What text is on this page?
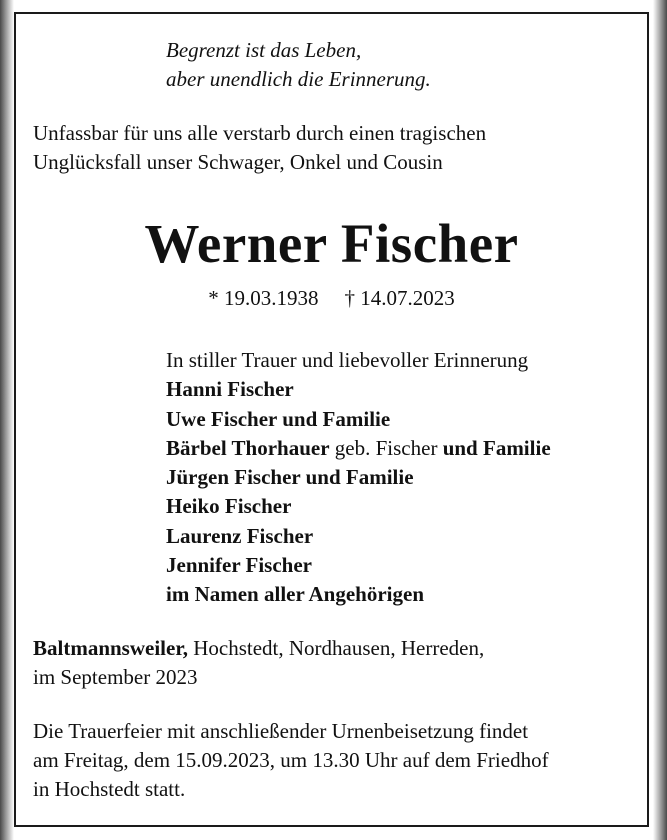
Begrenzt ist das Leben,
aber unendlich die Erinnerung.
Unfassbar für uns alle verstarb durch einen tragischen
Unglücksfall unser Schwager, Onkel und Cousin
Werner Fischer
* 19.03.1938 † 14.07.2023
In stiller Trauer und liebevoller Erinnerung
Hanni Fischer
Uwe Fischer und Familie
Bärbel Thorhauer geb. Fischer und Familie
Jürgen Fischer und Familie
Heiko Fischer
Laurenz Fischer
Jennifer Fischer
im Namen aller Angehörigen
Baltmannsweiler, Hochstedt, Nordhausen, Herreden,
im September 2023
Die Trauerfeier mit anschließender Urnenbeisetzung findet
am Freitag, dem 15.09.2023, um 13.30 Uhr auf dem Friedhof
in Hochstedt statt.
